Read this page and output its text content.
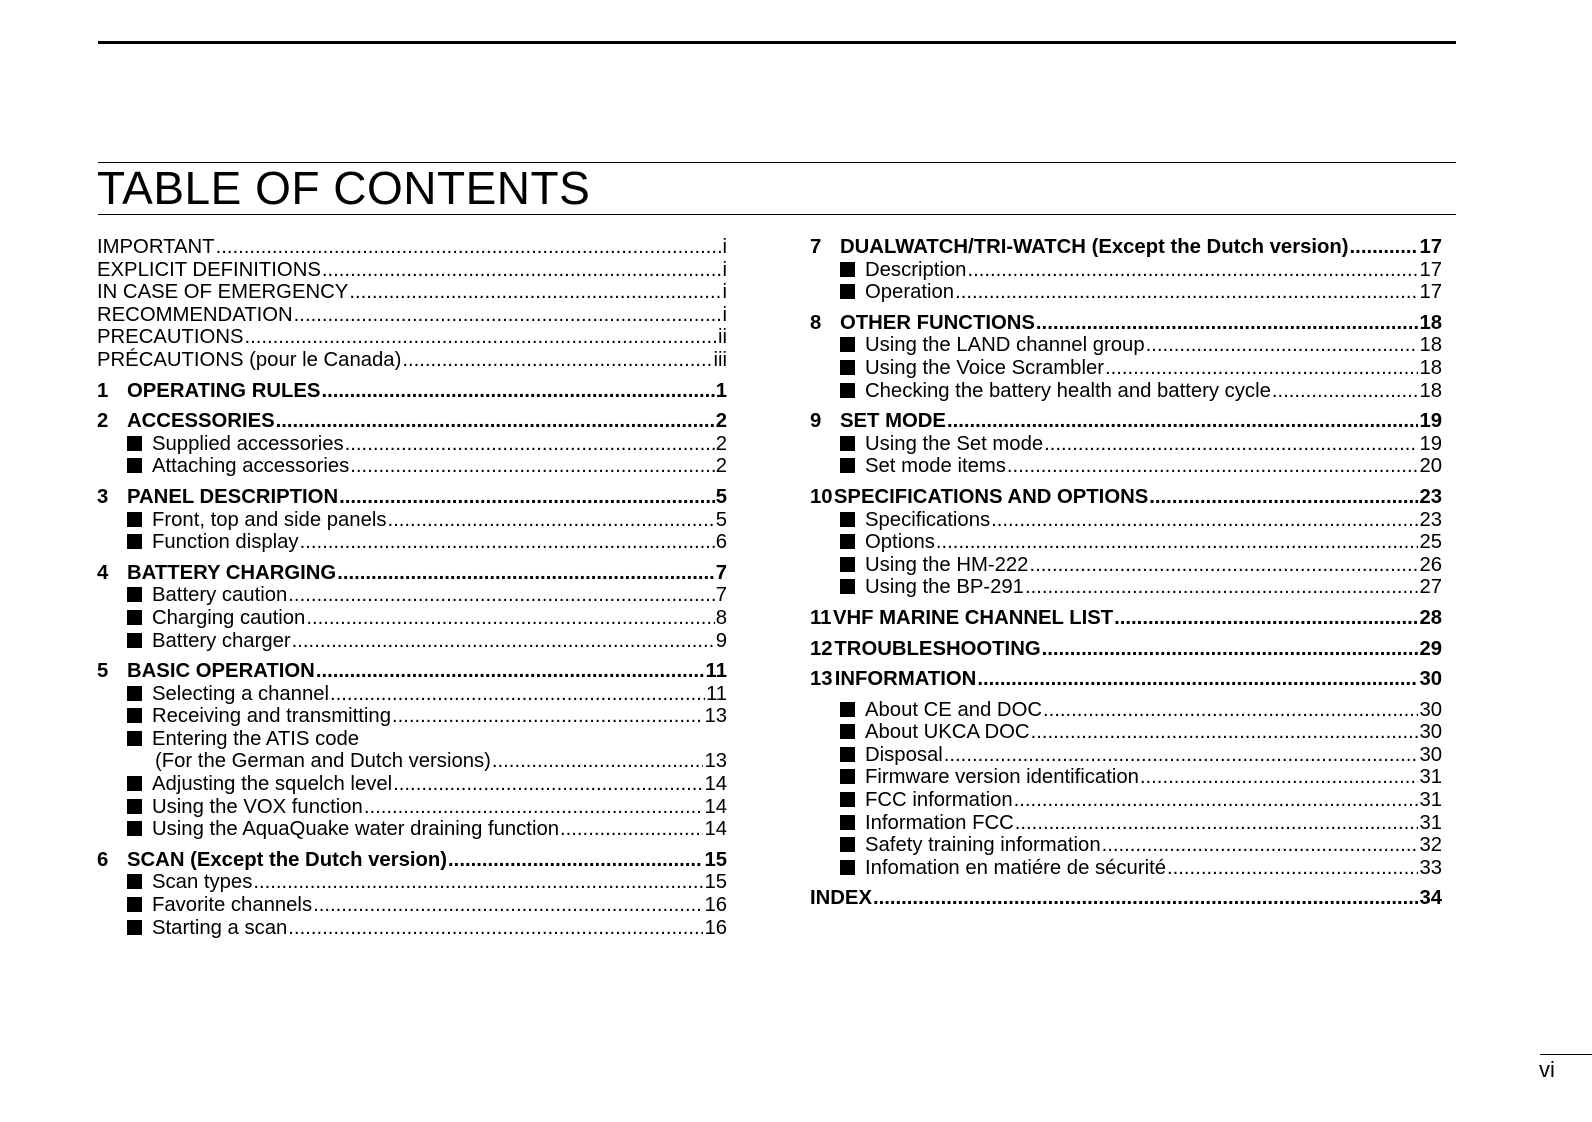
TABLE OF CONTENTS
IMPORTANT .....	i
EXPLICIT DEFINITIONS .....	i
IN CASE OF EMERGENCY .....	i
RECOMMENDATION .....	i
PRECAUTIONS .....	ii
PRÉCAUTIONS (pour le Canada) .....	iii
1 OPERATING RULES .....	1
2 ACCESSORIES .....	2
Supplied accessories .....	2
Attaching accessories .....	2
3 PANEL DESCRIPTION .....	5
Front, top and side panels .....	5
Function display .....	6
4 BATTERY CHARGING .....	7
Battery caution .....	7
Charging caution .....	8
Battery charger .....	9
5 BASIC OPERATION .....	11
Selecting a channel .....	11
Receiving and transmitting .....	13
Entering the ATIS code
(For the German and Dutch versions) .....	13
Adjusting the squelch level .....	14
Using the VOX function .....	14
Using the AquaQuake water draining function .....	14
6 SCAN (Except the Dutch version) .....	15
Scan types .....	15
Favorite channels .....	16
Starting a scan .....	16
7 DUALWATCH/TRI-WATCH (Except the Dutch version) .....	17
Description .....	17
Operation .....	17
8 OTHER FUNCTIONS .....	18
Using the LAND channel group .....	18
Using the Voice Scrambler .....	18
Checking the battery health and battery cycle .....	18
9 SET MODE .....	19
Using the Set mode .....	19
Set mode items .....	20
10 SPECIFICATIONS AND OPTIONS .....	23
Specifications .....	23
Options .....	25
Using the HM-222 .....	26
Using the BP-291 .....	27
11 VHF MARINE CHANNEL LIST .....	28
12 TROUBLESHOOTING .....	29
13 INFORMATION .....	30
About CE and DOC .....	30
About UKCA DOC .....	30
Disposal .....	30
Firmware version identification .....	31
FCC information .....	31
Information FCC .....	31
Safety training information .....	32
Infomation en matiére de sécurité .....	33
INDEX .....	34
vi
